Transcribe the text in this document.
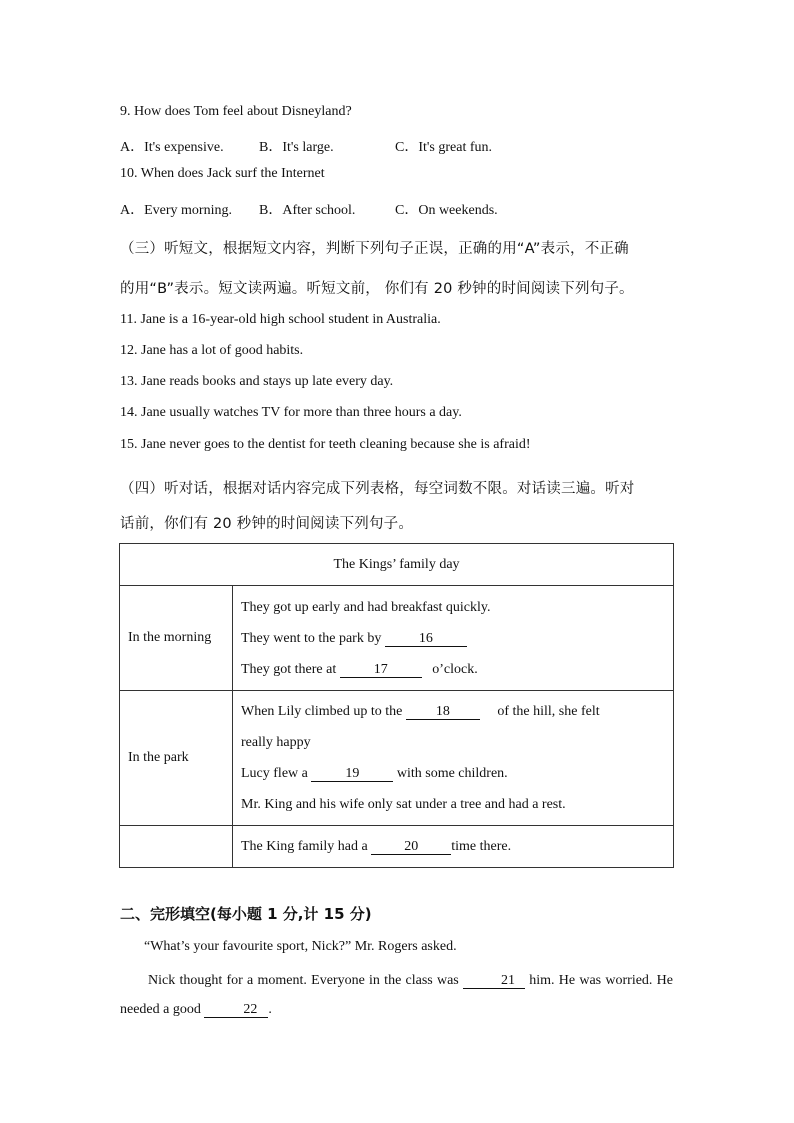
9. How does Tom feel about Disneyland?
A．It's expensive.	B．It's large.	C．It's great fun.
10. When does Jack surf the Internet
A．Every morning. B．After school.	C．On weekends.
（三）听短文，根据短文内容，判断下列句子正误，正确的用“A”表示，不正确
的用“B”表示。短文读两遍。听短文前， 你们有 20 秒钟的时间阅读下列句子。
11. Jane is a 16-year-old high school student in Australia.
12. Jane has a lot of good habits.
13. Jane reads books and stays up late every day.
14. Jane usually watches TV for more than three hours a day.
15. Jane never goes to the dentist for teeth cleaning because she is afraid!
（四）听对话，根据对话内容完成下列表格，每空词数不限。对话读三遍。听对
话前，你们有 20 秒钟的时间阅读下列句子。
The Kings’ family day	
In the morning	They got up early and had breakfast quickly.
They went to the park by 16
They got there at 17 o’clock.

In the park	When Lily climbed up to the 18 of the hill, she felt
really happy
Lucy flew a 19 with some children.
Mr. King and his wife only sat under a tree and had a rest.

	The King family had a 20 time there.
二、完形填空(每小题 1 分,计 15 分)
“What’s your favourite sport, Nick?” Mr. Rogers asked.
Nick thought for a moment. Everyone in the class was	21 him. He was worried. He needed a good	22 .
